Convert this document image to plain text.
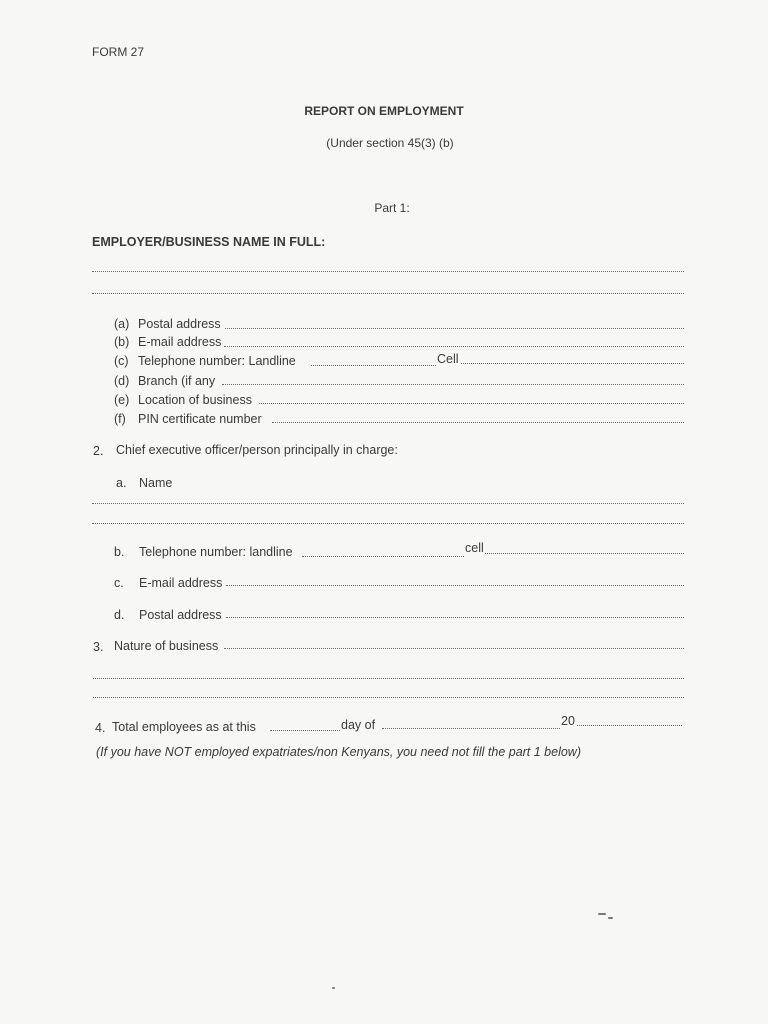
FORM 27
REPORT ON EMPLOYMENT
(Under section 45(3) (b)
Part 1:
EMPLOYER/BUSINESS NAME IN FULL:
(a) Postal address
(b) E-mail address
(c) Telephone number: Landline	Cell
(d) Branch (if any
(e) Location of business
(f) PIN certificate number
2. Chief executive officer/person principally in charge:
a. Name
b. Telephone number: landline	cell
c. E-mail address
d. Postal address
3. Nature of business
4. Total employees as at this	day of	20
(If you have NOT employed expatriates/non Kenyans, you need not fill the part 1 below)
